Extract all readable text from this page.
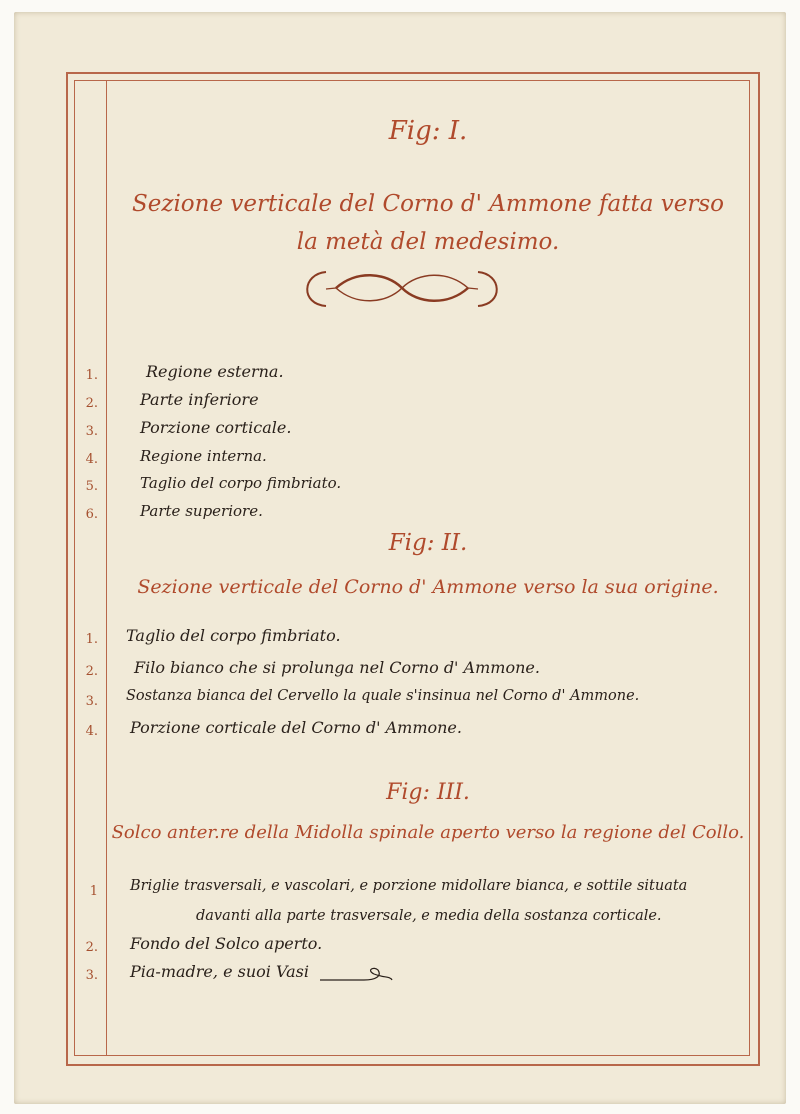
Fig: I.
Sezione verticale del Corno d' Ammone fatta verso
la metà del medesimo.
1.	Regione esterna.
2.	Parte inferiore
3.	Porzione corticale.
4.	Regione interna.
5.	Taglio del corpo fimbriato.
6.	Parte superiore.
Fig: II.
Sezione verticale del Corno d' Ammone verso la sua origine.
1. Taglio del corpo fimbriato.
2. Filo bianco che si prolunga nel Corno d' Ammone.
3. Sostanza bianca del Cervello la quale s'insinua nel Corno d' Ammone.
4. Porzione corticale del Corno d' Ammone.
Fig: III.
Solco anter.re della Midolla spinale aperto verso la regione del Collo.
1 Briglie trasversali, e vascolari, e porzione midollare bianca, e sottile situata
davanti alla parte trasversale, e media della sostanza corticale.
2. Fondo del Solco aperto.
3. Pia-madre, e suoi Vasi
